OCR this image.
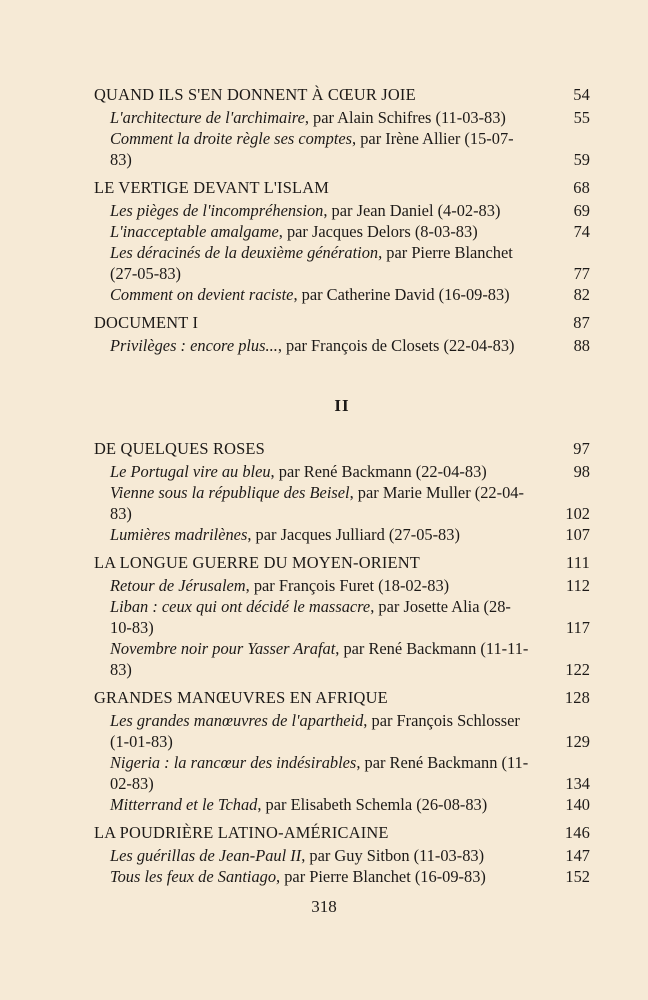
QUAND ILS S'EN DONNENT À CŒUR JOIE	54
L'architecture de l'archimaire, par Alain Schifres (11-03-83)	55
Comment la droite règle ses comptes, par Irène Allier (15-07-83)	59
LE VERTIGE DEVANT L'ISLAM	68
Les pièges de l'incompréhension, par Jean Daniel (4-02-83)	69
L'inacceptable amalgame, par Jacques Delors (8-03-83)	74
Les déracinés de la deuxième génération, par Pierre Blanchet (27-05-83)	77
Comment on devient raciste, par Catherine David (16-09-83)	82
DOCUMENT I	87
Privilèges : encore plus..., par François de Closets (22-04-83)	88
II
DE QUELQUES ROSES	97
Le Portugal vire au bleu, par René Backmann (22-04-83)	98
Vienne sous la république des Beisel, par Marie Muller (22-04-83)	102
Lumières madrilènes, par Jacques Julliard (27-05-83)	107
LA LONGUE GUERRE DU MOYEN-ORIENT	111
Retour de Jérusalem, par François Furet (18-02-83)	112
Liban : ceux qui ont décidé le massacre, par Josette Alia (28-10-83)	117
Novembre noir pour Yasser Arafat, par René Backmann (11-11-83)	122
GRANDES MANŒUVRES EN AFRIQUE	128
Les grandes manœuvres de l'apartheid, par François Schlosser (1-01-83)	129
Nigeria : la rancœur des indésirables, par René Backmann (11-02-83)	134
Mitterrand et le Tchad, par Elisabeth Schemla (26-08-83)	140
LA POUDRIÈRE LATINO-AMÉRICAINE	146
Les guérillas de Jean-Paul II, par Guy Sitbon (11-03-83)	147
Tous les feux de Santiago, par Pierre Blanchet (16-09-83)	152
318
